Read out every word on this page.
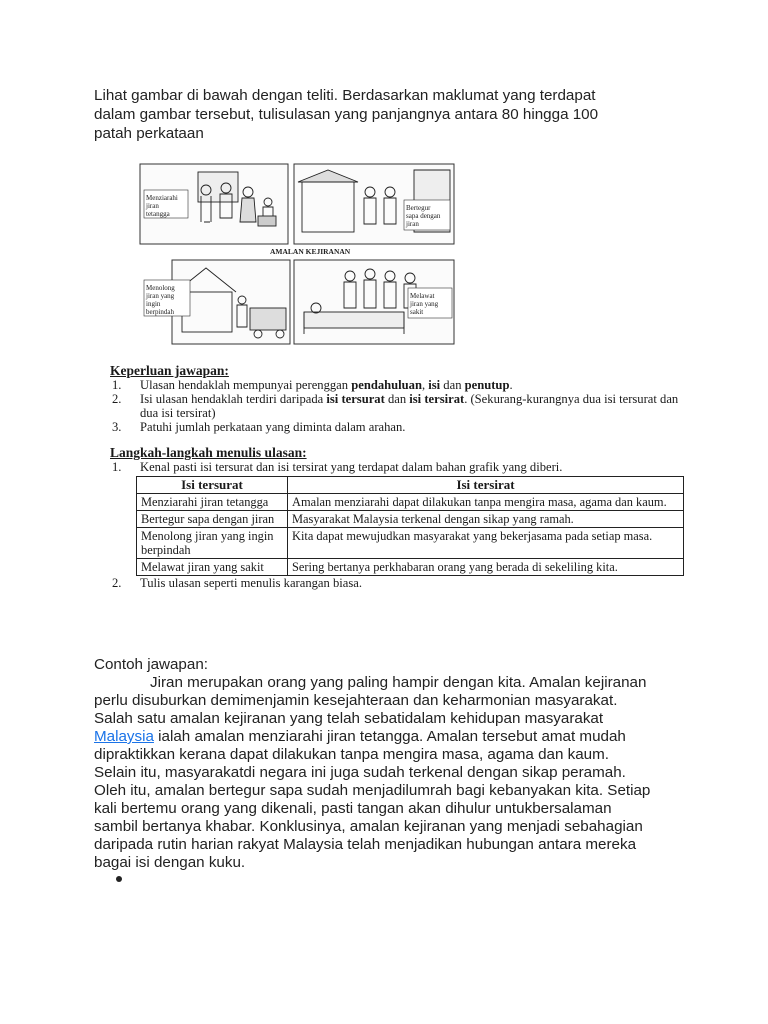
Lihat gambar di bawah dengan teliti. Berdasarkan maklumat yang terdapat
dalam gambar tersebut, tulisulasan yang panjangnya antara 80 hingga 100
patah perkataan
Menziarahi jiran tetangga
Bertegur sapa dengan jiran
Menolong jiran yang ingin berpindah
Melawat jiran yang sakit
AMALAN KEJIRANAN
Keperluan jawapan:
1. Ulasan hendaklah mempunyai perenggan pendahuluan, isi dan penutup.
2. Isi ulasan hendaklah terdiri daripada isi tersurat dan isi tersirat. (Sekurang-kurangnya dua isi tersurat dan dua isi tersirat)
3. Patuhi jumlah perkataan yang diminta dalam arahan.
Langkah-langkah menulis ulasan:
1. Kenal pasti isi tersurat dan isi tersirat yang terdapat dalam bahan grafik yang diberi.
Isi tersurat	Isi tersirat
Menziarahi jiran tetangga	Amalan menziarahi dapat dilakukan tanpa mengira masa, agama dan kaum.
Bertegur sapa dengan jiran	Masyarakat Malaysia terkenal dengan sikap yang ramah.
Menolong jiran yang ingin berpindah	Kita dapat mewujudkan masyarakat yang bekerjasama pada setiap masa.
Melawat jiran yang sakit	Sering bertanya perkhabaran orang yang berada di sekeliling kita.
2. Tulis ulasan seperti menulis karangan biasa.

Contoh jawapan:

Jiran merupakan orang yang paling hampir dengan kita. Amalan kejiranan perlu disuburkan demimenjamin kesejahteraan dan keharmonian masyarakat. Salah satu amalan kejiranan yang telah sebatidalam kehidupan masyarakat Malaysia ialah amalan menziarahi jiran tetangga. Amalan tersebut amat mudah dipraktikkan kerana dapat dilakukan tanpa mengira masa, agama dan kaum. Selain itu, masyarakatdi negara ini juga sudah terkenal dengan sikap peramah. Oleh itu, amalan bertegur sapa sudah menjadilumrah bagi kebanyakan kita. Setiap kali bertemu orang yang dikenali, pasti tangan akan dihulur untukbersalaman sambil bertanya khabar. Konklusinya, amalan kejiranan yang menjadi sebahagian daripada rutin harian rakyat Malaysia telah menjadikan hubungan antara mereka bagai isi dengan kuku.
